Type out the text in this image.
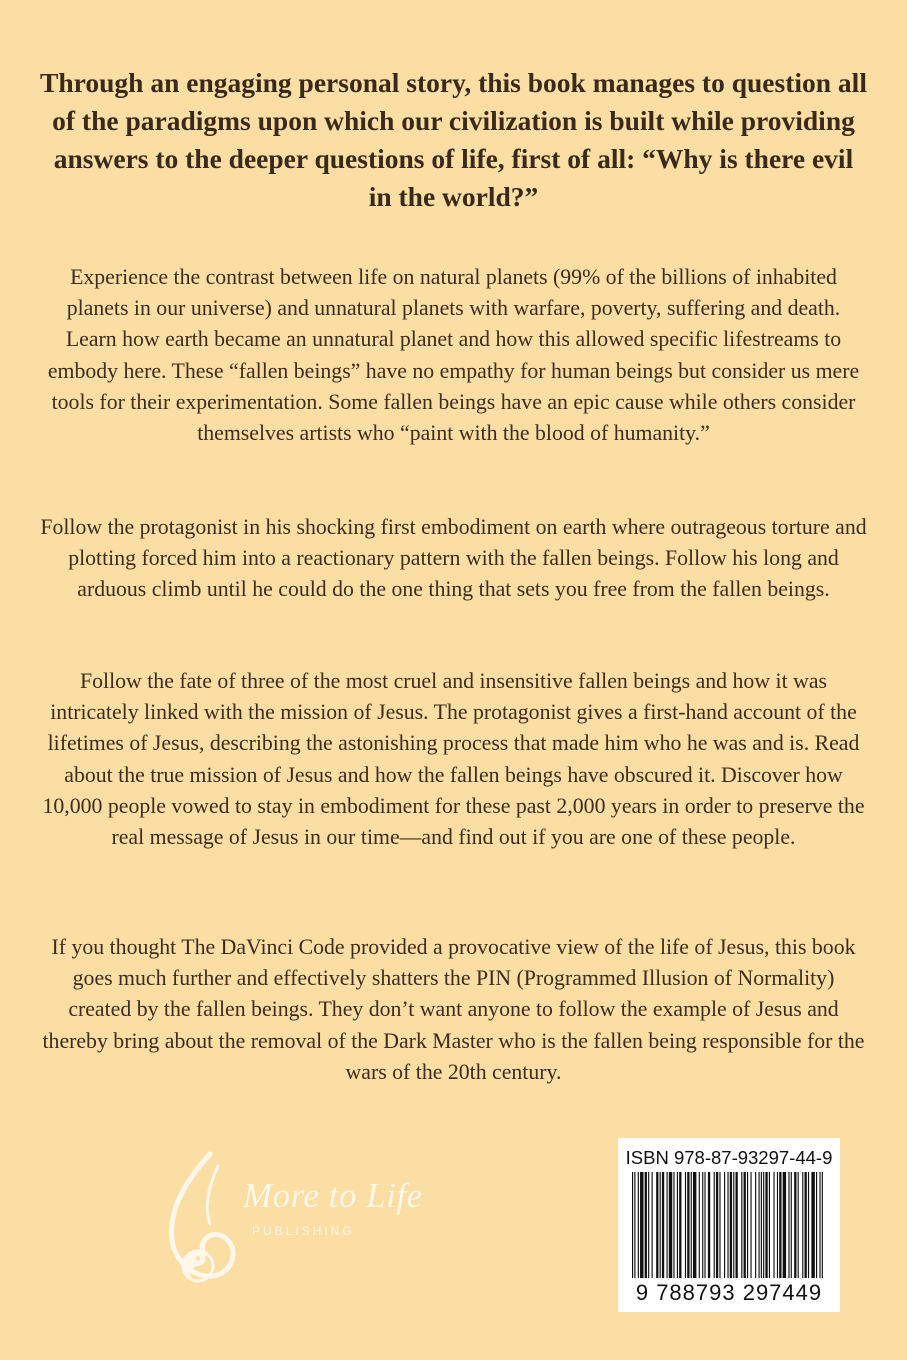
Through an engaging personal story, this book manages to question all of the paradigms upon which our civilization is built while providing answers to the deeper questions of life, first of all: “Why is there evil in the world?”
Experience the contrast between life on natural planets (99% of the billions of inhabited planets in our universe) and unnatural planets with warfare, poverty, suffering and death. Learn how earth became an unnatural planet and how this allowed specific lifestreams to embody here. These “fallen beings” have no empathy for human beings but consider us mere tools for their experimentation. Some fallen beings have an epic cause while others consider themselves artists who “paint with the blood of humanity.”
Follow the protagonist in his shocking first embodiment on earth where outrageous torture and plotting forced him into a reactionary pattern with the fallen beings. Follow his long and arduous climb until he could do the one thing that sets you free from the fallen beings.
Follow the fate of three of the most cruel and insensitive fallen beings and how it was intricately linked with the mission of Jesus. The protagonist gives a first-hand account of the lifetimes of Jesus, describing the astonishing process that made him who he was and is. Read about the true mission of Jesus and how the fallen beings have obscured it. Discover how 10,000 people vowed to stay in embodiment for these past 2,000 years in order to preserve the real message of Jesus in our time—and find out if you are one of these people.
If you thought The DaVinci Code provided a provocative view of the life of Jesus, this book goes much further and effectively shatters the PIN (Programmed Illusion of Normality) created by the fallen beings. They don’t want anyone to follow the example of Jesus and thereby bring about the removal of the Dark Master who is the fallen being responsible for the wars of the 20th century.
More to Life
PUBLISHING
ISBN 978-87-93297-44-9
9 788793 297449
